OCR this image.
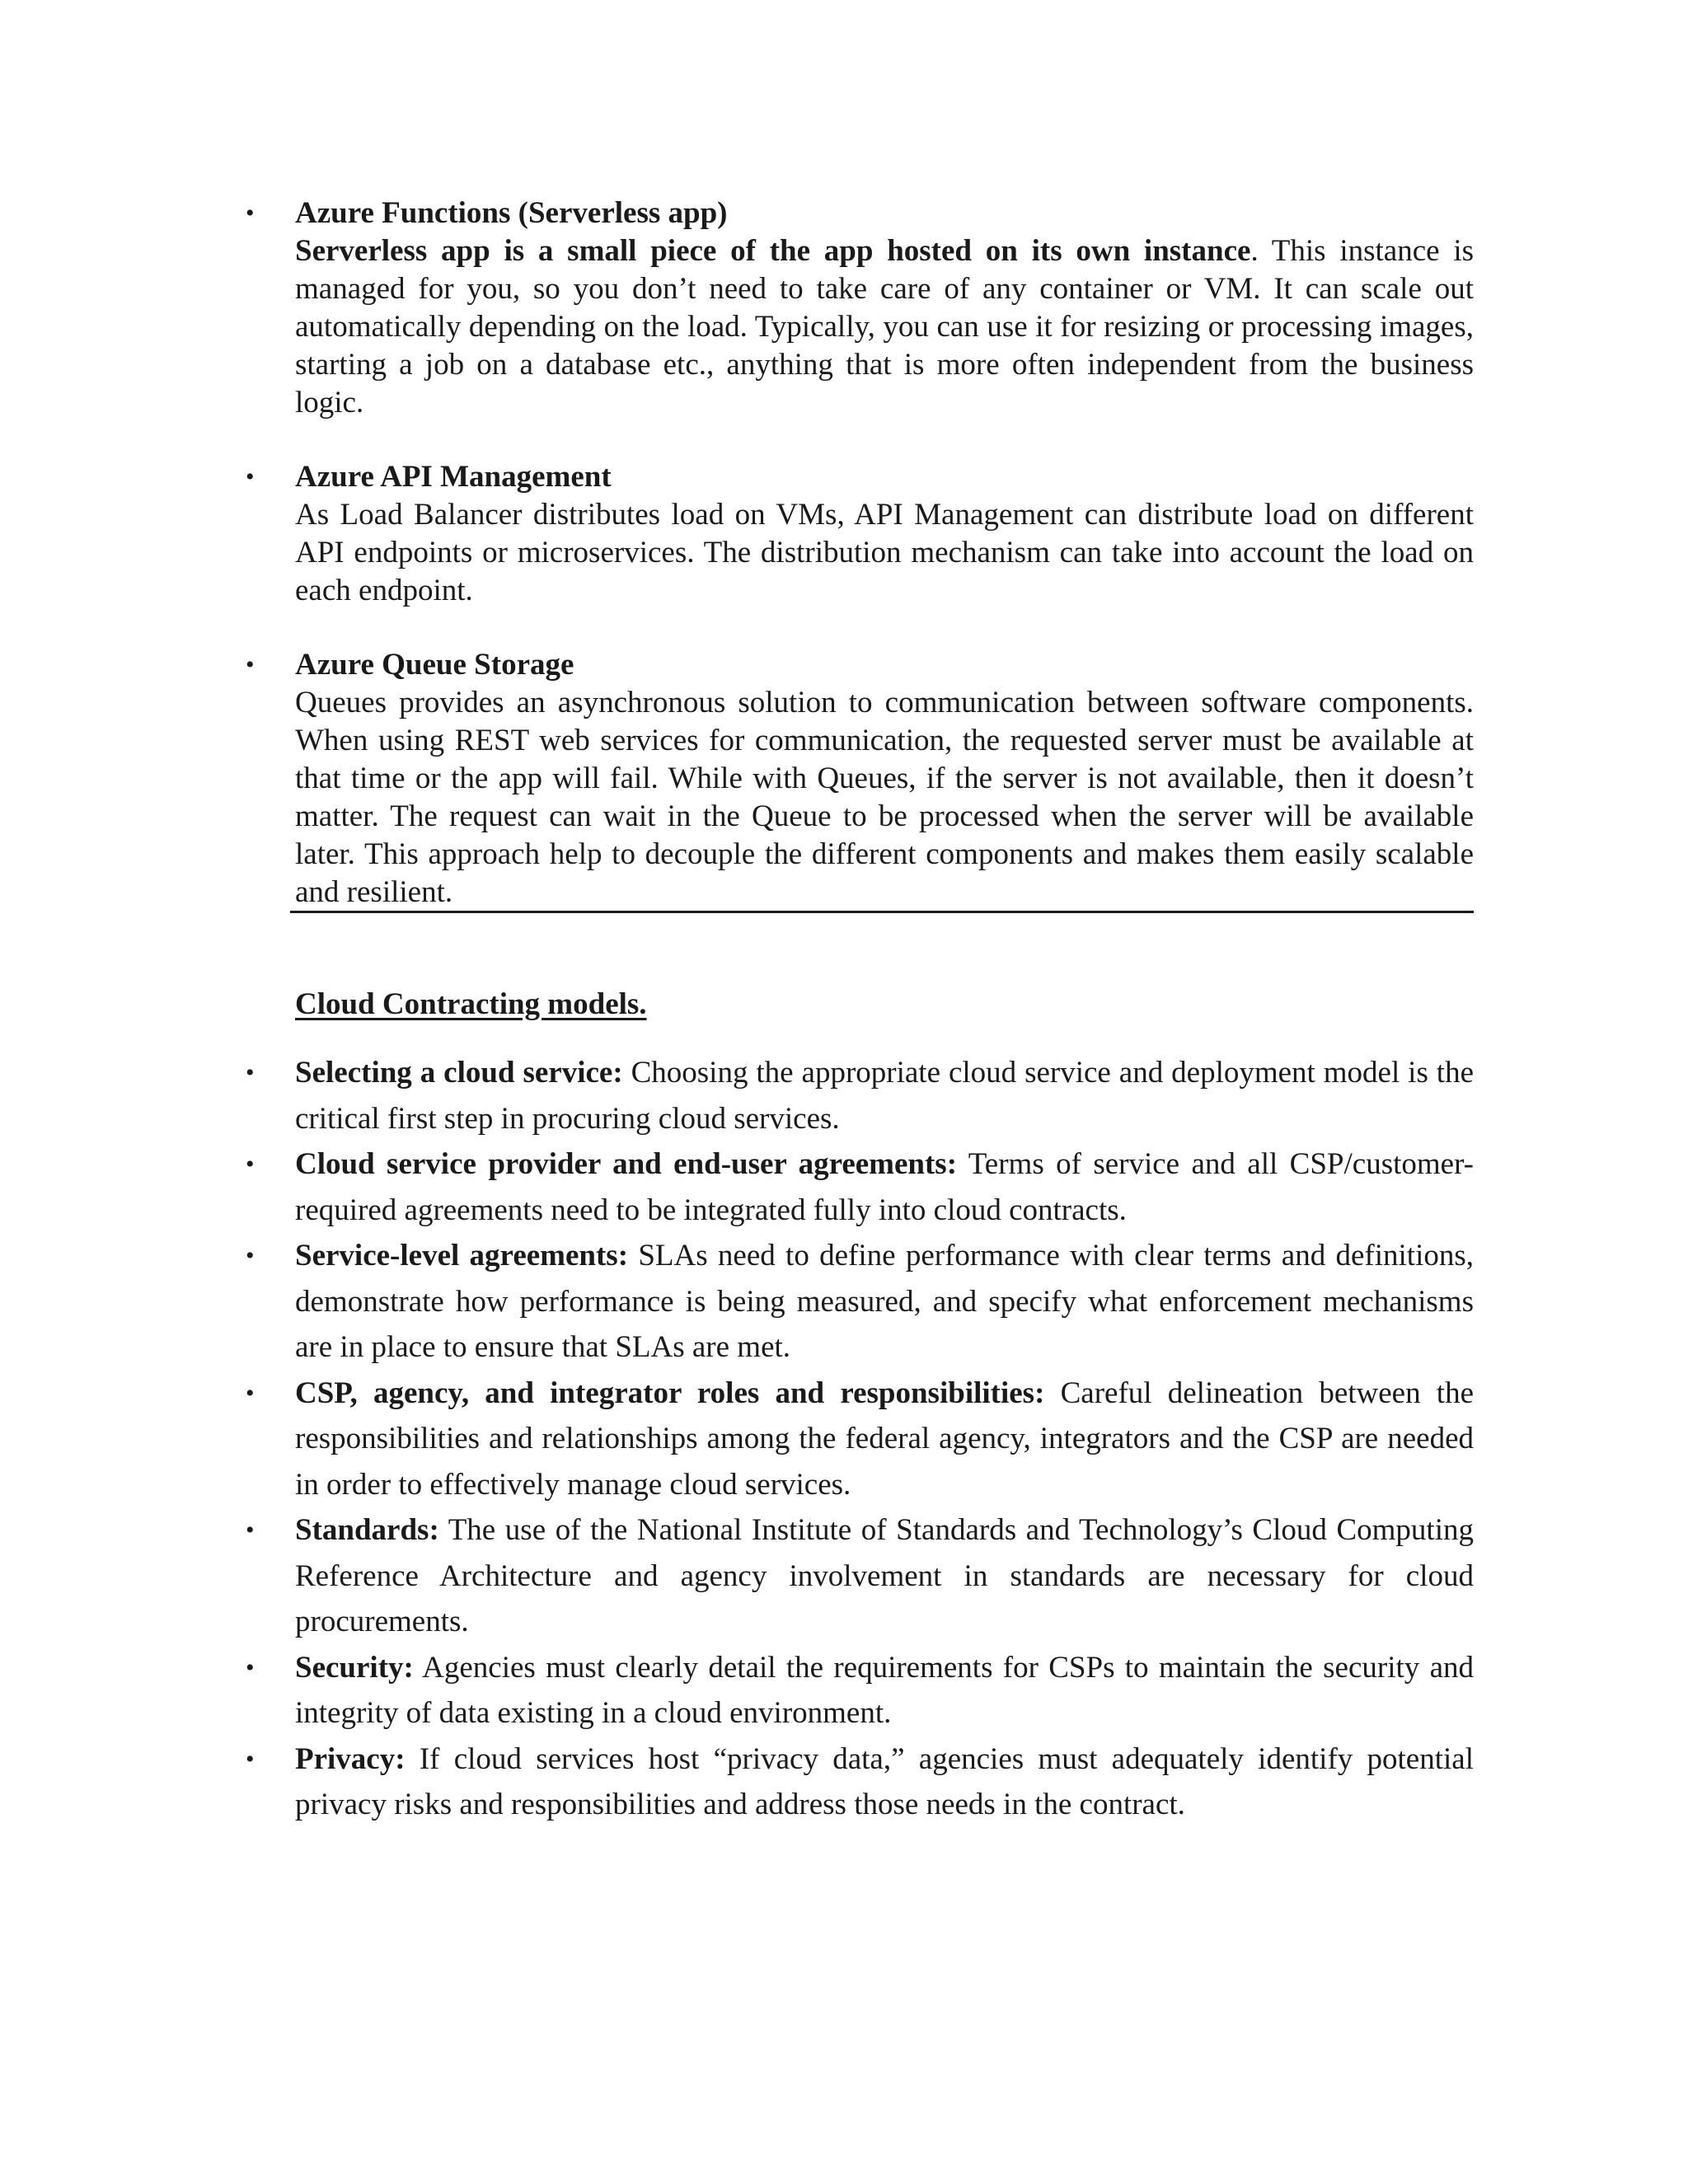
• Azure Functions (Serverless app)

Serverless app is a small piece of the app hosted on its own instance. This instance is managed for you, so you don’t need to take care of any container or VM. It can scale out automatically depending on the load. Typically, you can use it for resizing or processing images, starting a job on a database etc., anything that is more often independent from the business logic.

• Azure API Management

As Load Balancer distributes load on VMs, API Management can distribute load on different API endpoints or microservices. The distribution mechanism can take into account the load on each endpoint.

• Azure Queue Storage

Queues provides an asynchronous solution to communication between software components. When using REST web services for communication, the requested server must be available at that time or the app will fail. While with Queues, if the server is not available, then it doesn’t matter. The request can wait in the Queue to be processed when the server will be available later. This approach help to decouple the different components and makes them easily scalable and resilient.

Cloud Contracting models.

• Selecting a cloud service: Choosing the appropriate cloud service and deployment model is the critical first step in procuring cloud services.

• Cloud service provider and end-user agreements: Terms of service and all CSP/customer-required agreements need to be integrated fully into cloud contracts.

• Service-level agreements: SLAs need to define performance with clear terms and definitions, demonstrate how performance is being measured, and specify what enforcement mechanisms are in place to ensure that SLAs are met.

• CSP, agency, and integrator roles and responsibilities: Careful delineation between the responsibilities and relationships among the federal agency, integrators and the CSP are needed in order to effectively manage cloud services.

• Standards: The use of the National Institute of Standards and Technology’s Cloud Computing Reference Architecture and agency involvement in standards are necessary for cloud procurements.

• Security: Agencies must clearly detail the requirements for CSPs to maintain the security and integrity of data existing in a cloud environment.

• Privacy: If cloud services host “privacy data,” agencies must adequately identify potential privacy risks and responsibilities and address those needs in the contract.
